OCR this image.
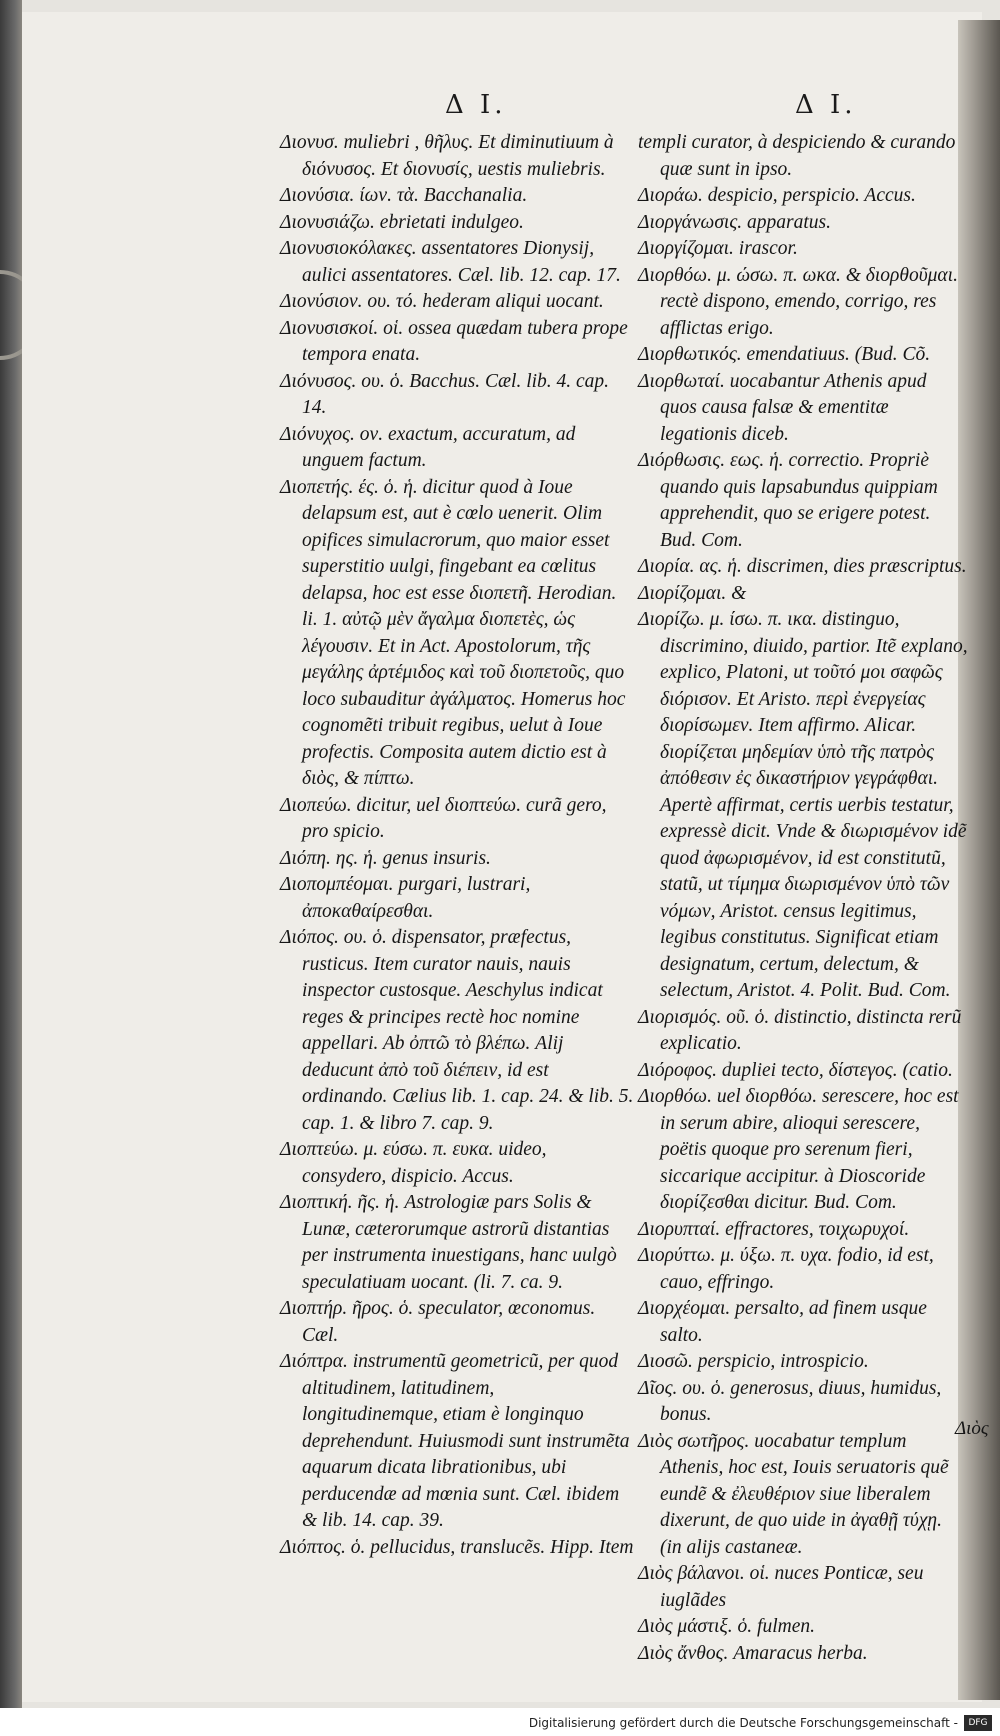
Δ I.	Δ I.

Διονυσ. muliebri , θῆλυς. Et diminutiuum à διόνυσος. Et διονυσίς, uestis muliebris.

Διονύσια. ίων. τὰ. Bacchanalia.

Διονυσιάζω. ebrietati indulgeo.

Διονυσιοκόλακες. assentatores Dionysij, aulici assentatores. Cæl. lib. 12. cap. 17.

Διονύσιον. ου. τό. hederam aliqui uocant.

Διονυσισκοί. οἱ. ossea quædam tubera prope tempora enata.

Διόνυσος. ου. ὁ. Bacchus. Cæl. lib. 4. cap. 14.

Διόνυχος. ον. exactum, accuratum, ad unguem factum.

Διοπετής. ές. ὁ. ἡ. dicitur quod à Ioue delapsum est, aut è cœlo uenerit. Olim opifices simulacrorum, quo maior esset superstitio uulgi, fingebant ea cœlitus delapsa, hoc est esse διοπετῆ. Herodian. li. 1. αὐτῷ μὲν ἄγαλμα διοπετὲς, ὡς λέγουσιν. Et in Act. Apostolorum, τῆς μεγάλης ἀρτέμιδος καὶ τοῦ διοπετοῦς, quo loco subauditur ἀγάλματος. Homerus hoc cognomẽti tribuit regibus, uelut à Ioue profectis. Composita autem dictio est à διὸς, & πίπτω.

Διοπεύω. dicitur, uel διοπτεύω. curã gero, pro spicio.

Διόπη. ης. ἡ. genus insuris.

Διοπομπέομαι. purgari, lustrari, ἀποκαθαίρεσθαι.

Διόπος. ου. ὁ. dispensator, præfectus, rusticus. Item curator nauis, nauis inspector custosque. Aeschylus indicat reges & principes rectè hoc nomine appellari. Ab ὀπτῶ τὸ βλέπω. Alij deducunt ἀπὸ τοῦ διέπειν, id est ordinando. Cælius lib. 1. cap. 24. & lib. 5. cap. 1. & libro 7. cap. 9.

Διοπτεύω. μ. εύσω. π. ευκα. uideo, consydero, dispicio. Accus.

Διοπτική. ῆς. ἡ. Astrologiæ pars Solis & Lunæ, cæterorumque astrorũ distantias per instrumenta inuestigans, hanc uulgò speculatiuam uocant. (li. 7. ca. 9.

Διοπτήρ. ῆρος. ὁ. speculator, œconomus. Cæl.

Διόπτρα. instrumentũ geometricũ, per quod altitudinem, latitudinem, longitudinemque, etiam è longinquo deprehendunt. Huiusmodi sunt instrumẽta aquarum dicata librationibus, ubi perducendæ ad mœnia sunt. Cæl. ibidem & lib. 14. cap. 39.

Διόπτος. ὁ. pellucidus, translucẽs. Hipp. Item

templi curator, à despiciendo & curando quæ sunt in ipso.

Διοράω. despicio, perspicio. Accus.

Διοργάνωσις. apparatus.

Διοργίζομαι. irascor.

Διορθόω. μ. ώσω. π. ωκα. & διορθοῦμαι. rectè dispono, emendo, corrigo, res afflictas erigo.

Διορθωτικός. emendatiuus. (Bud. Cõ.

Διορθωταί. uocabantur Athenis apud quos causa falsæ & ementitæ legationis diceb.

Διόρθωσις. εως. ἡ. correctio. Propriè quando quis lapsabundus quippiam apprehendit, quo se erigere potest. Bud. Com.

Διορία. ας. ἡ. discrimen, dies præscriptus.

Διορίζομαι. &

Διορίζω. μ. ίσω. π. ικα. distinguo, discrimino, diuido, partior. Itẽ explano, explico, Platoni, ut τοῦτό μοι σαφῶς διόρισον. Et Aristo. περὶ ἐνεργείας διορίσωμεν. Item affirmo. Alicar. διορίζεται μηδεμίαν ὑπὸ τῆς πατρὸς ἀπόθεσιν ἐς δικαστήριον γεγράφθαι. Apertè affirmat, certis uerbis testatur, expressè dicit. Vnde & διωρισμένον idẽ quod ἀφωρισμένον, id est constitutũ, statũ, ut τίμημα διωρισμένον ὑπὸ τῶν νόμων, Aristot. census legitimus, legibus constitutus. Significat etiam designatum, certum, delectum, & selectum, Aristot. 4. Polit. Bud. Com.

Διορισμός. οῦ. ὁ. distinctio, distincta rerũ explicatio.

Διόροφος. dupliei tecto, δίστεγος. (catio.

Διορθόω. uel διορθόω. serescere, hoc est in serum abire, alioqui serescere, poëtis quoque pro serenum fieri, siccarique accipitur. à Dioscoride διορίζεσθαι dicitur. Bud. Com.

Διορυπταί. effractores, τοιχωρυχοί.

Διορύττω. μ. ύξω. π. υχα. fodio, id est, cauo, effringo.

Διορχέομαι. persalto, ad finem usque salto.

Διοσῶ. perspicio, introspicio.

Δῖος. ου. ὁ. generosus, diuus, humidus, bonus.

Διὸς σωτῆρος. uocabatur templum Athenis, hoc est, Iouis seruatoris quẽ eundẽ & ἐλευθέριον siue liberalem dixerunt, de quo uide in ἀγαθῇ τύχῃ. (in alijs castaneæ.

Διὸς βάλανοι. οἱ. nuces Ponticæ, seu iuglãdes

Διὸς μάστιξ. ὁ. fulmen.

Διὸς ἄνθος. Amaracus herba.

Διὸς
Digitalisierung gefördert durch die Deutsche Forschungsgemeinschaft -	DFG
